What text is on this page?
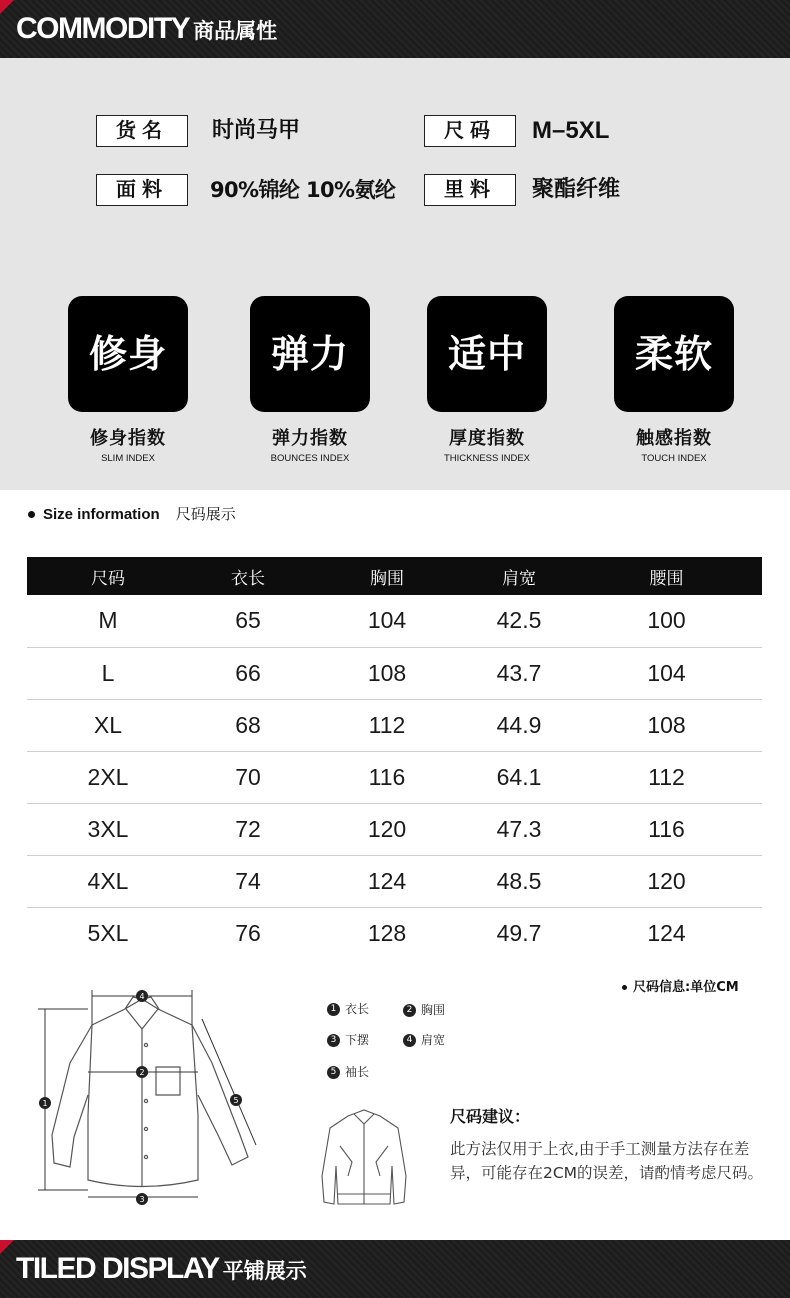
COMMODITY 商品属性
货名	时尚马甲	尺码	M–5XL
面料	90%锦纶 10%氨纶	里料	聚酯纤维
修身
修身指数
SLIM INDEX
弹力
弹力指数
BOUNCES INDEX
适中
厚度指数
THICKNESS INDEX
柔软
触感指数
TOUCH INDEX
Size information 尺码展示
尺码	衣长	胸围	肩宽	腰围
M	65	104	42.5	100
L	66	108	43.7	104
XL	68	112	44.9	108
2XL	70	116	64.1	112
3XL	72	120	47.3	116
4XL	74	124	48.5	120
5XL	76	128	49.7	124
尺码信息:单位CM
4
1
2
3
5
1 衣长	2 胸围
3 下摆	4 肩宽
5 袖长
尺码建议：
此方法仅用于上衣,由于手工测量方法存在差异，可能存在2CM的误差，请酌情考虑尺码。
TILED DISPLAY 平铺展示
